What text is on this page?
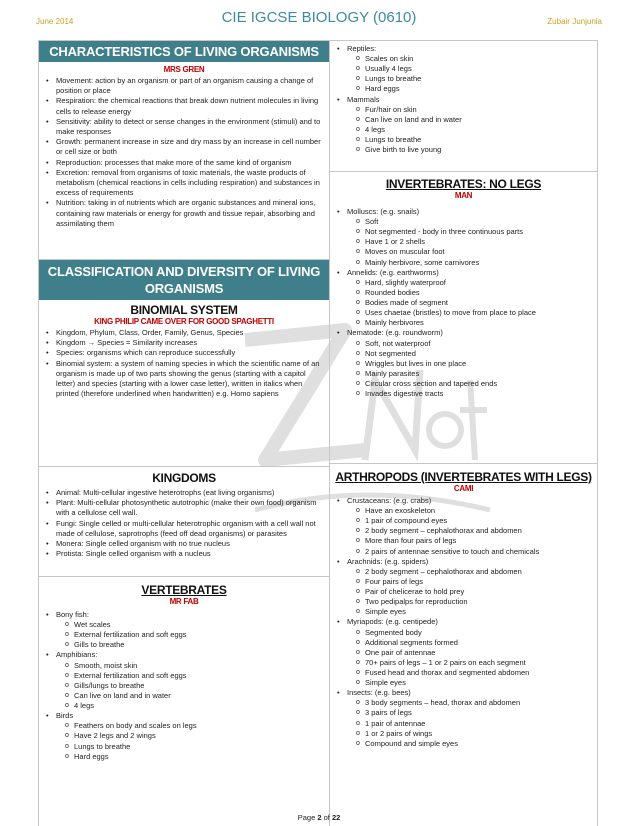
June 2014	CIE IGCSE BIOLOGY (0610)	Zubair Junjunia
CHARACTERISTICS OF LIVING ORGANISMS
MRS GREN
• Movement: action by an organism or part of an organism causing a change of position or place
• Respiration: the chemical reactions that break down nutrient molecules in living cells to release energy
• Sensitivity: ability to detect or sense changes in the environment (stimuli) and to make responses
• Growth: permanent increase in size and dry mass by an increase in cell number or cell size or both
• Reproduction: processes that make more of the same kind of organism
• Excretion: removal from organisms of toxic materials, the waste products of metabolism (chemical reactions in cells including respiration) and substances in excess of requirements
• Nutrition: taking in of nutrients which are organic substances and mineral ions, containing raw materials or energy for growth and tissue repair, absorbing and assimilating them
CLASSIFICATION AND DIVERSITY OF LIVING
ORGANISMS
BINOMIAL SYSTEM
KING PHILIP CAME OVER FOR GOOD SPAGHETTI
• Kingdom, Phylum, Class, Order, Family, Genus, Species
• Kingdom → Species = Similarity increases
• Species: organisms which can reproduce successfully
• Binomial system: a system of naming species in which the scientific name of an organism is made up of two parts showing the genus (starting with a capitol letter) and species (starting with a lower case letter), written in italics when printed (therefore underlined when handwritten) e.g. Homo sapiens
KINGDOMS
• Animal: Multi-cellular ingestive heterotrophs (eat living organisms)
• Plant: Multi-cellular photosynthetic autotrophic (make their own food) organism with a cellulose cell wall.
• Fungi: Single celled or multi-cellular heterotrophic organism with a cell wall not made of cellulose, saprotrophs (feed off dead organisms) or parasites
• Monera: Single celled organism with no true nucleus
• Protista: Single celled organism with a nucleus
VERTEBRATES
MR FAB
• Bony fish:
o Wet scales
o External fertilization and soft eggs
o Gills to breathe
• Amphibians:
o Smooth, moist skin
o External fertilization and soft eggs
o Gills/lungs to breathe
o Can live on land and in water
o 4 legs
• Birds
o Feathers on body and scales on legs
o Have 2 legs and 2 wings
o Lungs to breathe
o Hard eggs
• Reptiles:
o Scales on skin
o Usually 4 legs
o Lungs to breathe
o Hard eggs
• Mammals
o Fur/hair on skin
o Can live on land and in water
o 4 legs
o Lungs to breathe
o Give birth to live young
INVERTEBRATES: NO LEGS
MAN
• Molluscs: (e.g. snails)
o Soft
o Not segmented - body in three continuous parts
o Have 1 or 2 shells
o Moves on muscular foot
o Mainly herbivore, some carnivores
• Annelids: (e.g. earthworms)
o Hard, slightly waterproof
o Rounded bodies
o Bodies made of segment
o Uses chaetae (bristles) to move from place to place
o Mainly herbivores
• Nematode: (e.g. roundworm)
o Soft, not waterproof
o Not segmented
o Wriggles but lives in one place
o Mainly parasites
o Circular cross section and tapered ends
o Invades digestive tracts
ARTHROPODS (INVERTEBRATES WITH LEGS)
CAMI
• Crustaceans: (e.g. crabs)
o Have an exoskeleton
o 1 pair of compound eyes
o 2 body segment – cephalothorax and abdomen
o More than four pairs of legs
o 2 pairs of antennae sensitive to touch and chemicals
• Arachnids: (e.g. spiders)
o 2 body segment – cephalothorax and abdomen
o Four pairs of legs
o Pair of chelicerae to hold prey
o Two pedipalps for reproduction
o Simple eyes
• Myriapods: (e.g. centipede)
o Segmented body
o Additional segments formed
o One pair of antennae
o 70+ pairs of legs – 1 or 2 pairs on each segment
o Fused head and thorax and segmented abdomen
o Simple eyes
• Insects: (e.g. bees)
o 3 body segments – head, thorax and abdomen
o 3 pairs of legs
o 1 pair of antennae
o 1 or 2 pairs of wings
o Compound and simple eyes
Page 2 of 22
